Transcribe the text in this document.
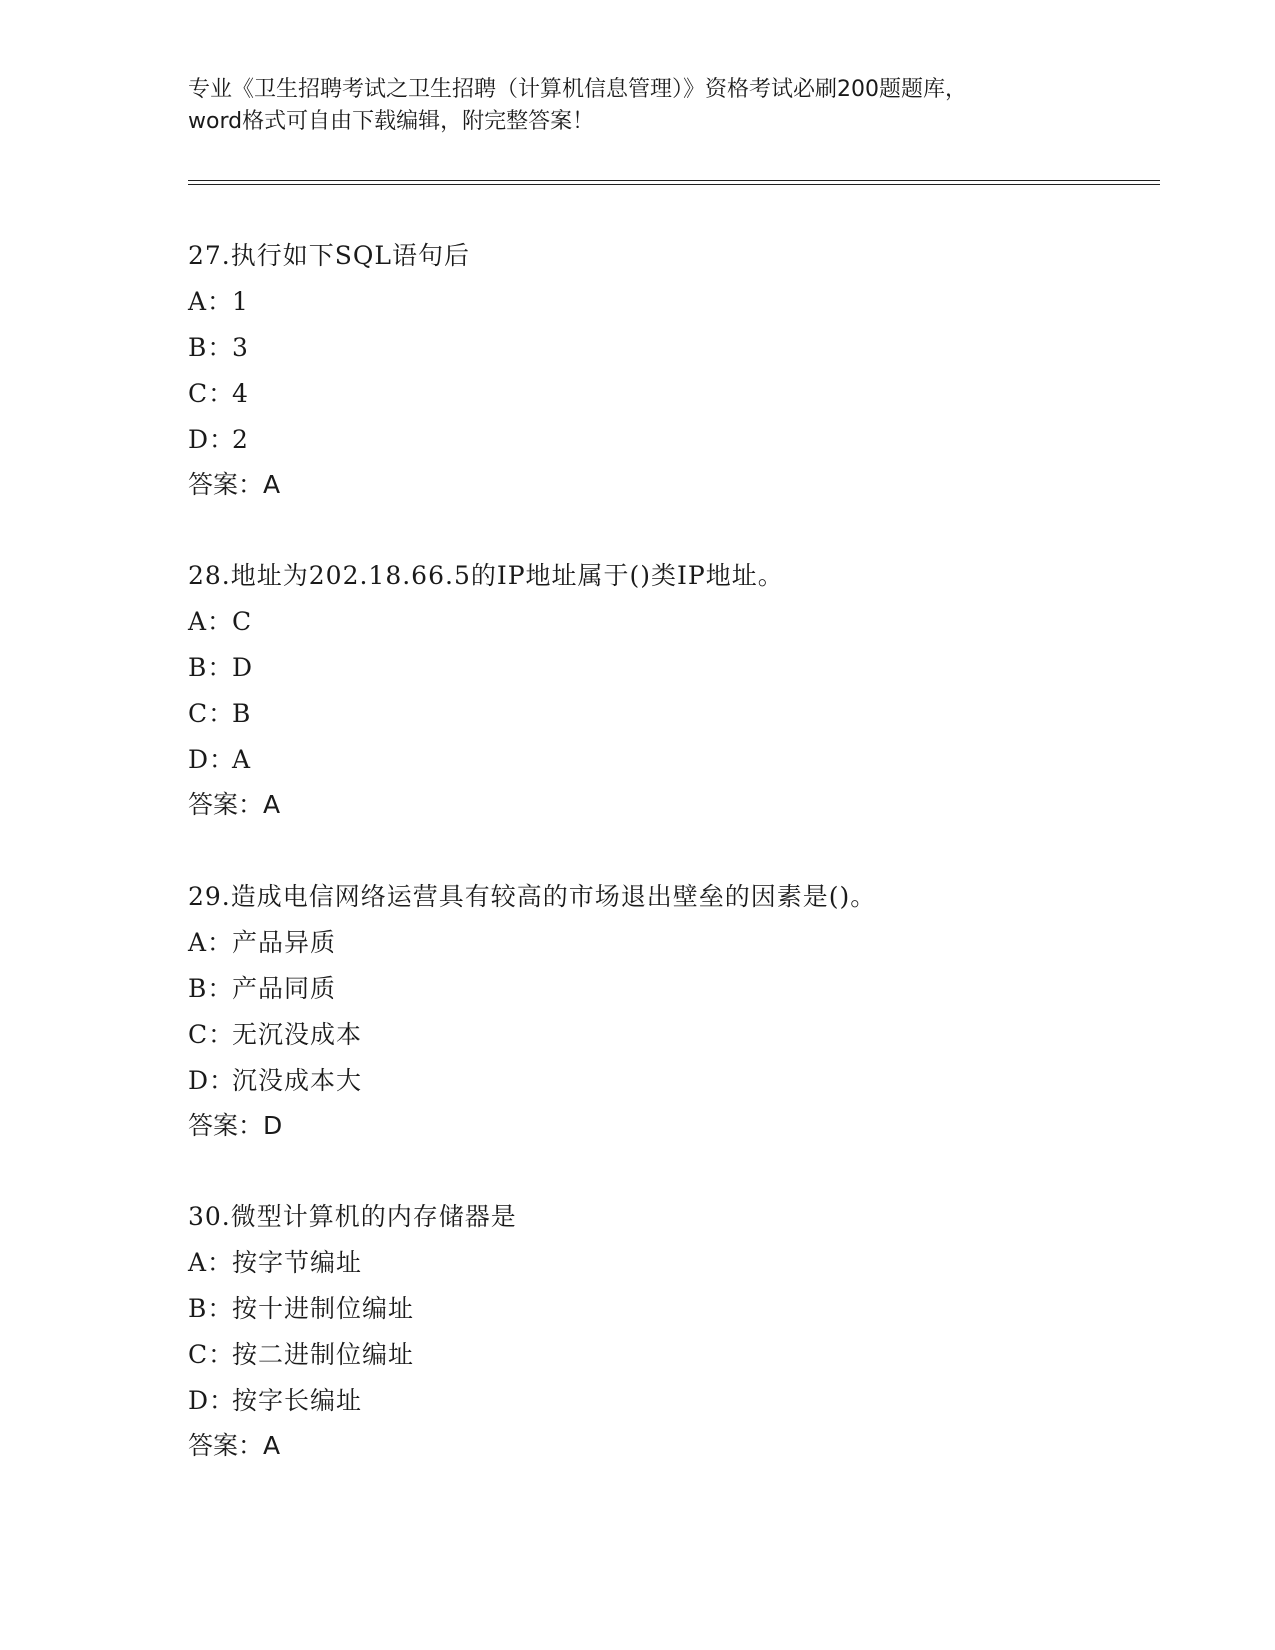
专业《卫生招聘考试之卫生招聘（计算机信息管理）》资格考试必刷200题题库，
word格式可自由下载编辑，附完整答案！
27.执行如下SQL语句后
A：1
B：3
C：4
D：2
答案：A
28.地址为202.18.66.5的IP地址属于()类IP地址。
A：C
B：D
C：B
D：A
答案：A
29.造成电信网络运营具有较高的市场退出壁垒的因素是()。
A：产品异质
B：产品同质
C：无沉没成本
D：沉没成本大
答案：D
30.微型计算机的内存储器是
A：按字节编址
B：按十进制位编址
C：按二进制位编址
D：按字长编址
答案：A
